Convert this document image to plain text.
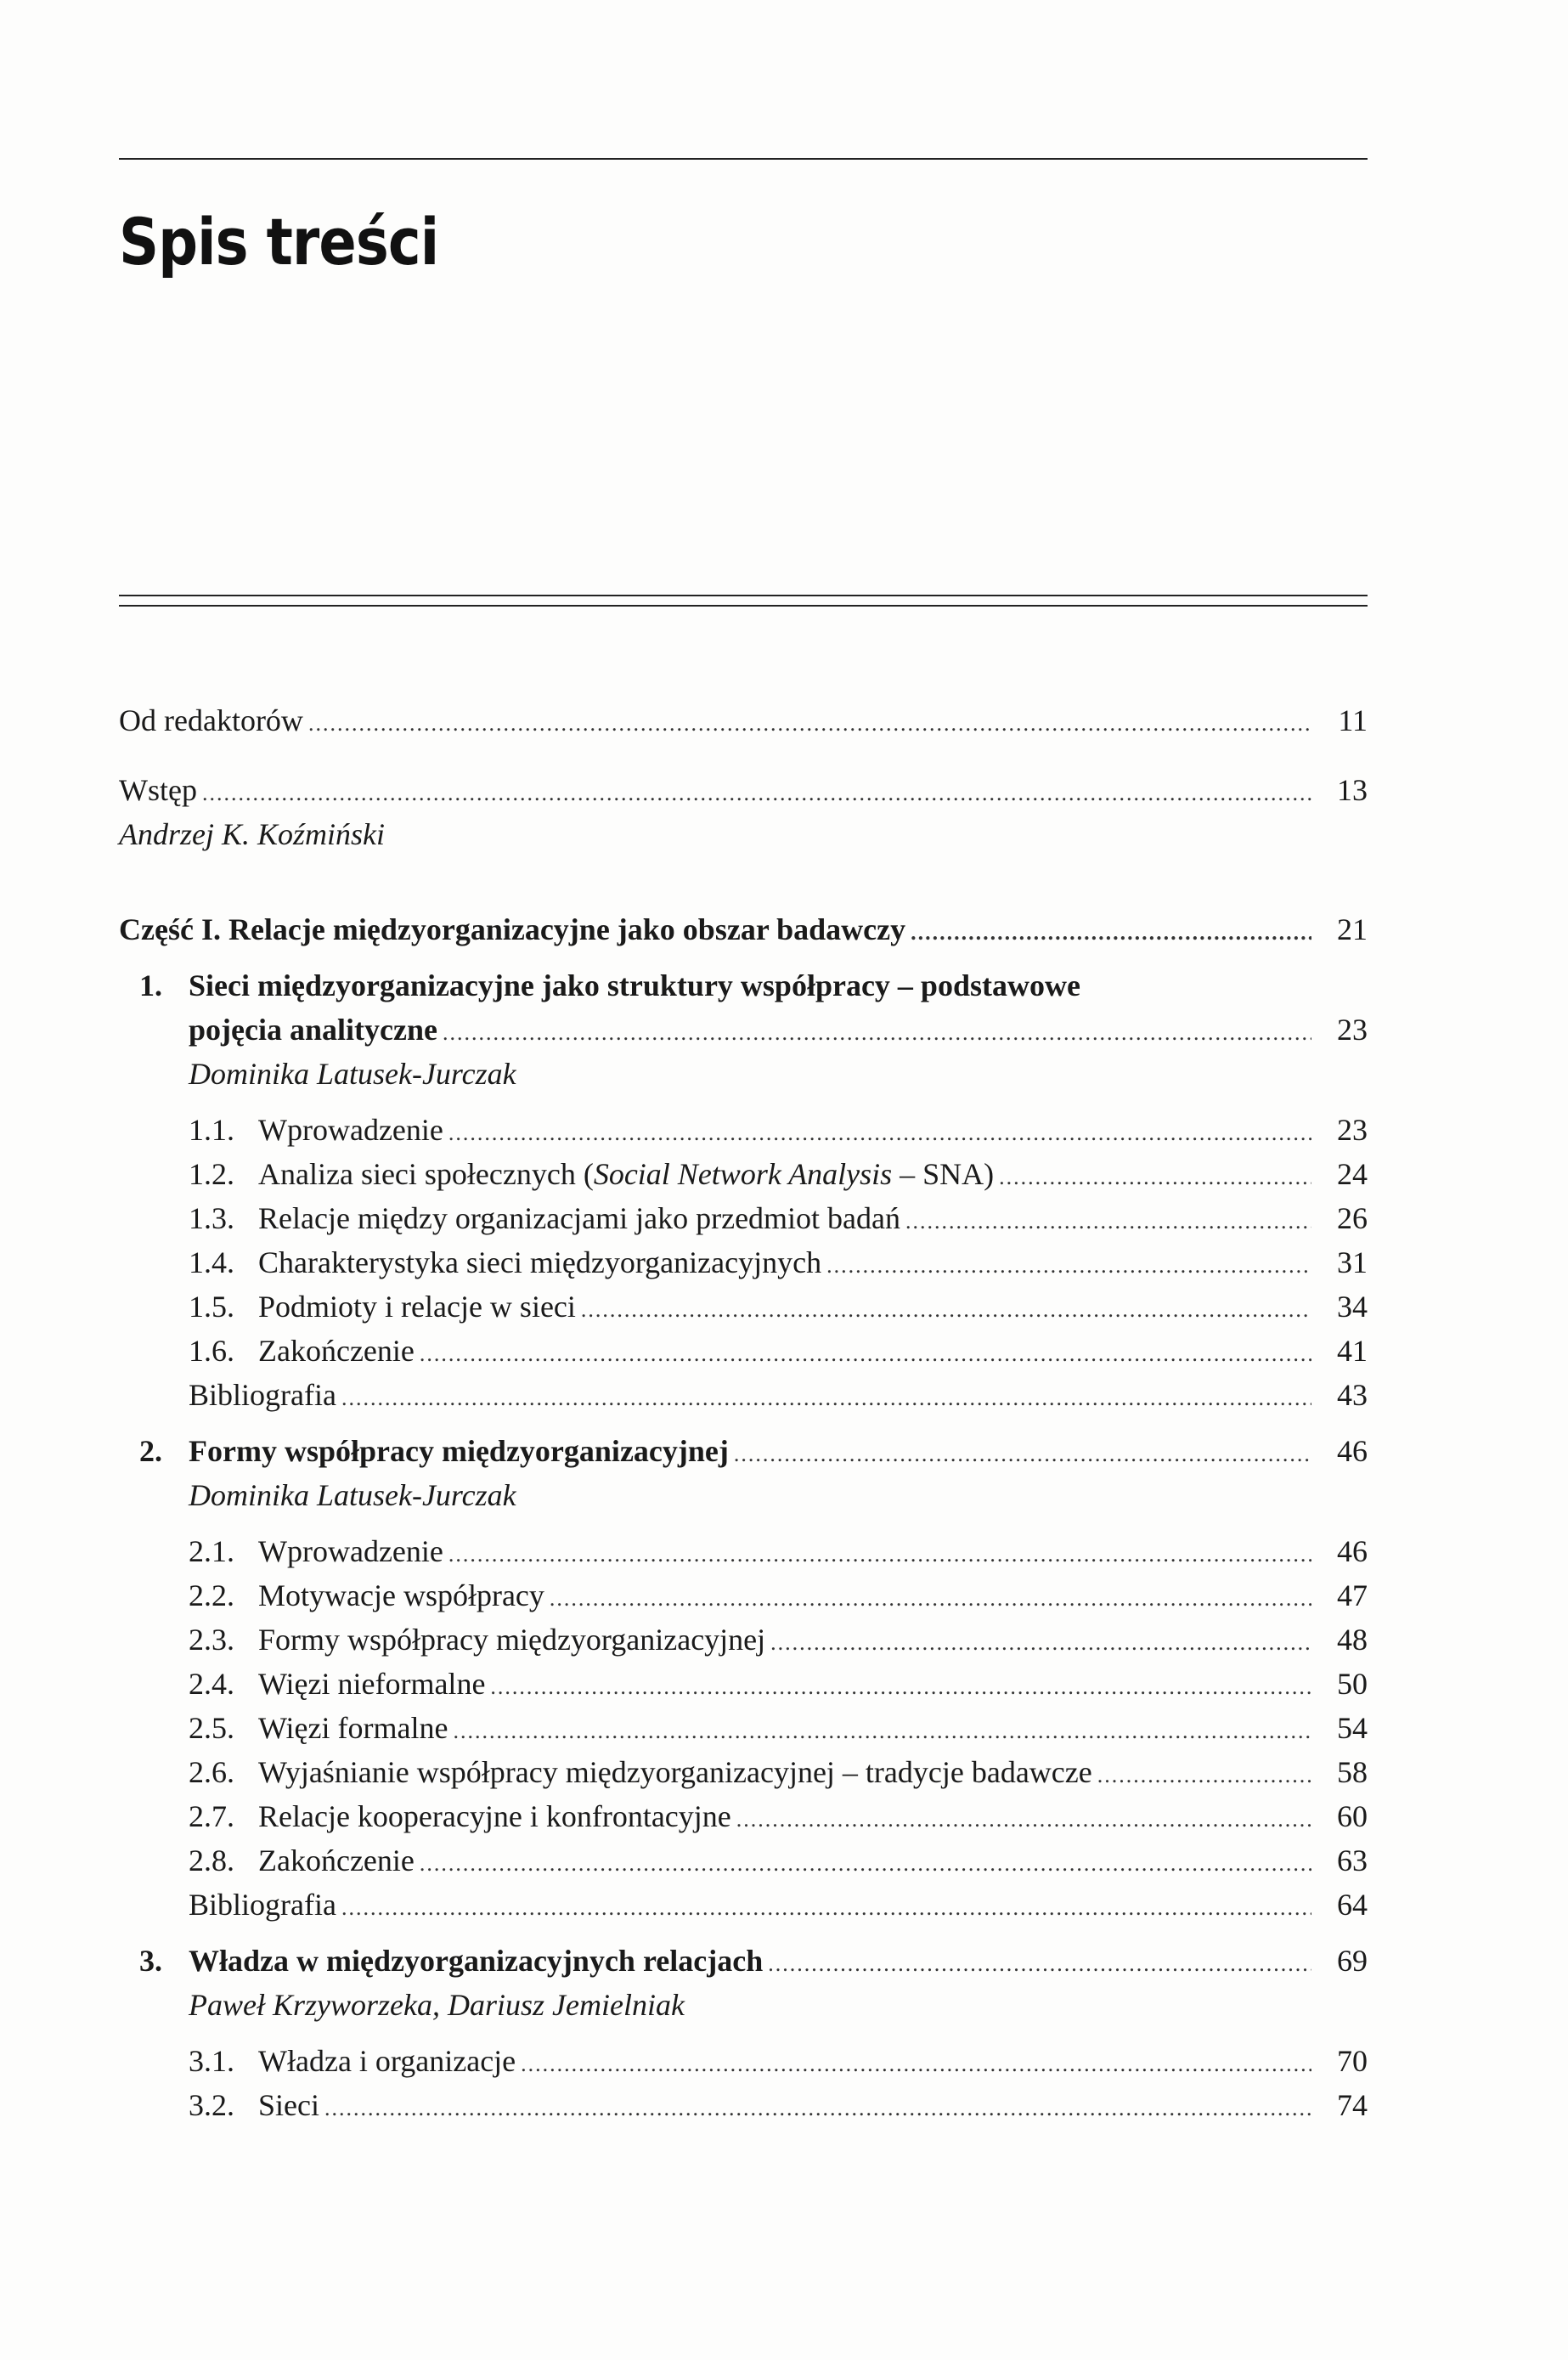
Spis treści
Od redaktorów .....	11
Wstęp .....	13
Andrzej K. Koźmiński
Część I. Relacje międzyorganizacyjne jako obszar badawczy .....	21
1. Sieci międzyorganizacyjne jako struktury współpracy – podstawowe
pojęcia analityczne .....	23
Dominika Latusek-Jurczak
1.1. Wprowadzenie .....	23
1.2. Analiza sieci społecznych (Social Network Analysis – SNA) .....	24
1.3. Relacje między organizacjami jako przedmiot badań .....	26
1.4. Charakterystyka sieci międzyorganizacyjnych .....	31
1.5. Podmioty i relacje w sieci .....	34
1.6. Zakończenie .....	41
Bibliografia .....	43
2. Formy współpracy międzyorganizacyjnej .....	46
Dominika Latusek-Jurczak
2.1. Wprowadzenie .....	46
2.2. Motywacje współpracy .....	47
2.3. Formy współpracy międzyorganizacyjnej .....	48
2.4. Więzi nieformalne .....	50
2.5. Więzi formalne .....	54
2.6. Wyjaśnianie współpracy międzyorganizacyjnej – tradycje badawcze .....	58
2.7. Relacje kooperacyjne i konfrontacyjne .....	60
2.8. Zakończenie .....	63
Bibliografia .....	64
3. Władza w międzyorganizacyjnych relacjach .....	69
Paweł Krzyworzeka, Dariusz Jemielniak
3.1. Władza i organizacje .....	70
3.2. Sieci .....	74
